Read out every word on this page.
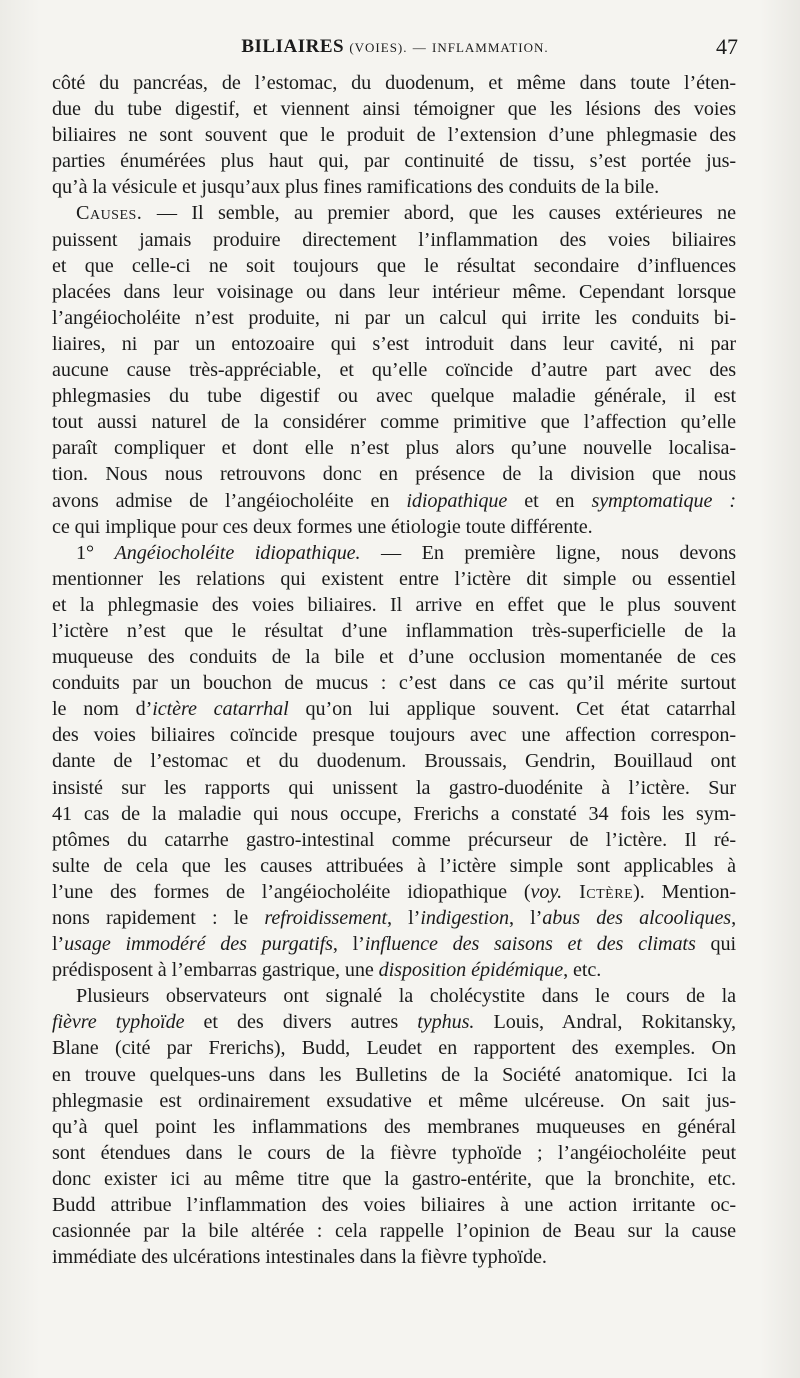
BILIAIRES (VOIES). — INFLAMMATION.	47
côté du pancréas, de l’estomac, du duodenum, et même dans toute l’éten-
due du tube digestif, et viennent ainsi témoigner que les lésions des voies
biliaires ne sont souvent que le produit de l’extension d’une phlegmasie des
parties énumérées plus haut qui, par continuité de tissu, s’est portée jus-
qu’à la vésicule et jusqu’aux plus fines ramifications des conduits de la bile.
Causes. — Il semble, au premier abord, que les causes extérieures ne
puissent jamais produire directement l’inflammation des voies biliaires
et que celle-ci ne soit toujours que le résultat secondaire d’influences
placées dans leur voisinage ou dans leur intérieur même. Cependant lorsque
l’angéiocholéite n’est produite, ni par un calcul qui irrite les conduits bi-
liaires, ni par un entozoaire qui s’est introduit dans leur cavité, ni par
aucune cause très-appréciable, et qu’elle coïncide d’autre part avec des
phlegmasies du tube digestif ou avec quelque maladie générale, il est
tout aussi naturel de la considérer comme primitive que l’affection qu’elle
paraît compliquer et dont elle n’est plus alors qu’une nouvelle localisa-
tion. Nous nous retrouvons donc en présence de la division que nous
avons admise de l’angéiocholéite en idiopathique et en symptomatique :
ce qui implique pour ces deux formes une étiologie toute différente.
1° Angéiocholéite idiopathique. — En première ligne, nous devons
mentionner les relations qui existent entre l’ictère dit simple ou essentiel
et la phlegmasie des voies biliaires. Il arrive en effet que le plus souvent
l’ictère n’est que le résultat d’une inflammation très-superficielle de la
muqueuse des conduits de la bile et d’une occlusion momentanée de ces
conduits par un bouchon de mucus : c’est dans ce cas qu’il mérite surtout
le nom d’ictère catarrhal qu’on lui applique souvent. Cet état catarrhal
des voies biliaires coïncide presque toujours avec une affection correspon-
dante de l’estomac et du duodenum. Broussais, Gendrin, Bouillaud ont
insisté sur les rapports qui unissent la gastro-duodénite à l’ictère. Sur
41 cas de la maladie qui nous occupe, Frerichs a constaté 34 fois les sym-
ptômes du catarrhe gastro-intestinal comme précurseur de l’ictère. Il ré-
sulte de cela que les causes attribuées à l’ictère simple sont applicables à
l’une des formes de l’angéiocholéite idiopathique (voy. Ictère). Mention-
nons rapidement : le refroidissement, l’indigestion, l’abus des alcooliques,
l’usage immodéré des purgatifs, l’influence des saisons et des climats qui
prédisposent à l’embarras gastrique, une disposition épidémique, etc.
Plusieurs observateurs ont signalé la cholécystite dans le cours de la
fièvre typhoïde et des divers autres typhus. Louis, Andral, Rokitansky,
Blane (cité par Frerichs), Budd, Leudet en rapportent des exemples. On
en trouve quelques-uns dans les Bulletins de la Société anatomique. Ici la
phlegmasie est ordinairement exsudative et même ulcéreuse. On sait jus-
qu’à quel point les inflammations des membranes muqueuses en général
sont étendues dans le cours de la fièvre typhoïde ; l’angéiocholéite peut
donc exister ici au même titre que la gastro-entérite, que la bronchite, etc.
Budd attribue l’inflammation des voies biliaires à une action irritante oc-
casionnée par la bile altérée : cela rappelle l’opinion de Beau sur la cause
immédiate des ulcérations intestinales dans la fièvre typhoïde.
